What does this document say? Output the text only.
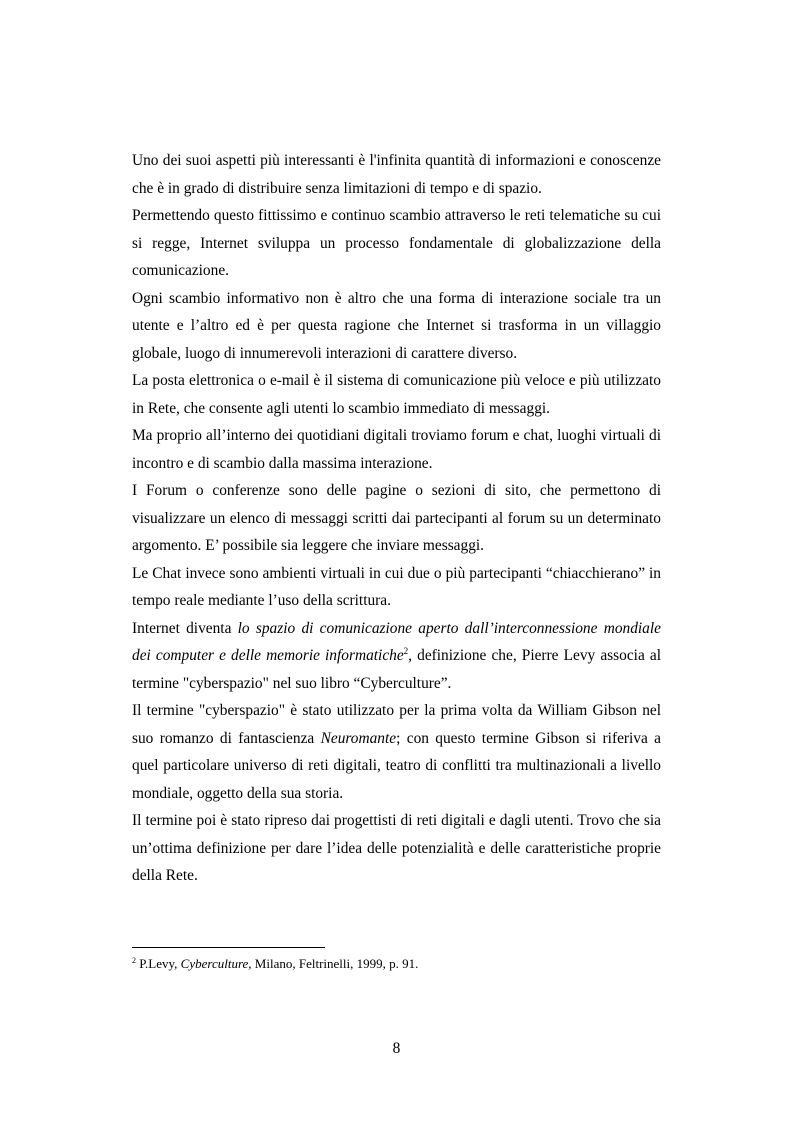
Uno dei suoi aspetti più interessanti è l'infinita quantità di informazioni e conoscenze che è in grado di distribuire senza limitazioni di tempo e di spazio.

Permettendo questo fittissimo e continuo scambio attraverso le reti telematiche su cui si regge, Internet sviluppa un processo fondamentale di globalizzazione della comunicazione.

Ogni scambio informativo non è altro che una forma di interazione sociale tra un utente e l’altro ed è per questa ragione che Internet si trasforma in un villaggio globale, luogo di innumerevoli interazioni di carattere diverso.

La posta elettronica o e-mail è il sistema di comunicazione più veloce e più utilizzato in Rete, che consente agli utenti lo scambio immediato di messaggi.

Ma proprio all’interno dei quotidiani digitali troviamo forum e chat, luoghi virtuali di incontro e di scambio dalla massima interazione.

I Forum o conferenze sono delle pagine o sezioni di sito, che permettono di visualizzare un elenco di messaggi scritti dai partecipanti al forum su un determinato argomento. E’ possibile sia leggere che inviare messaggi.

Le Chat invece sono ambienti virtuali in cui due o più partecipanti “chiacchierano” in tempo reale mediante l’uso della scrittura.

Internet diventa lo spazio di comunicazione aperto dall’interconnessione mondiale dei computer e delle memorie informatiche$^2$, definizione che, Pierre Levy associa al termine "cyberspazio" nel suo libro “Cyberculture”.

Il termine "cyberspazio" è stato utilizzato per la prima volta da William Gibson nel suo romanzo di fantascienza Neuromante; con questo termine Gibson si riferiva a quel particolare universo di reti digitali, teatro di conflitti tra multinazionali a livello mondiale, oggetto della sua storia.

Il termine poi è stato ripreso dai progettisti di reti digitali e dagli utenti. Trovo che sia un’ottima definizione per dare l’idea delle potenzialità e delle caratteristiche proprie della Rete.

$^2$ P.Levy, Cyberculture, Milano, Feltrinelli, 1999, p. 91.
8
